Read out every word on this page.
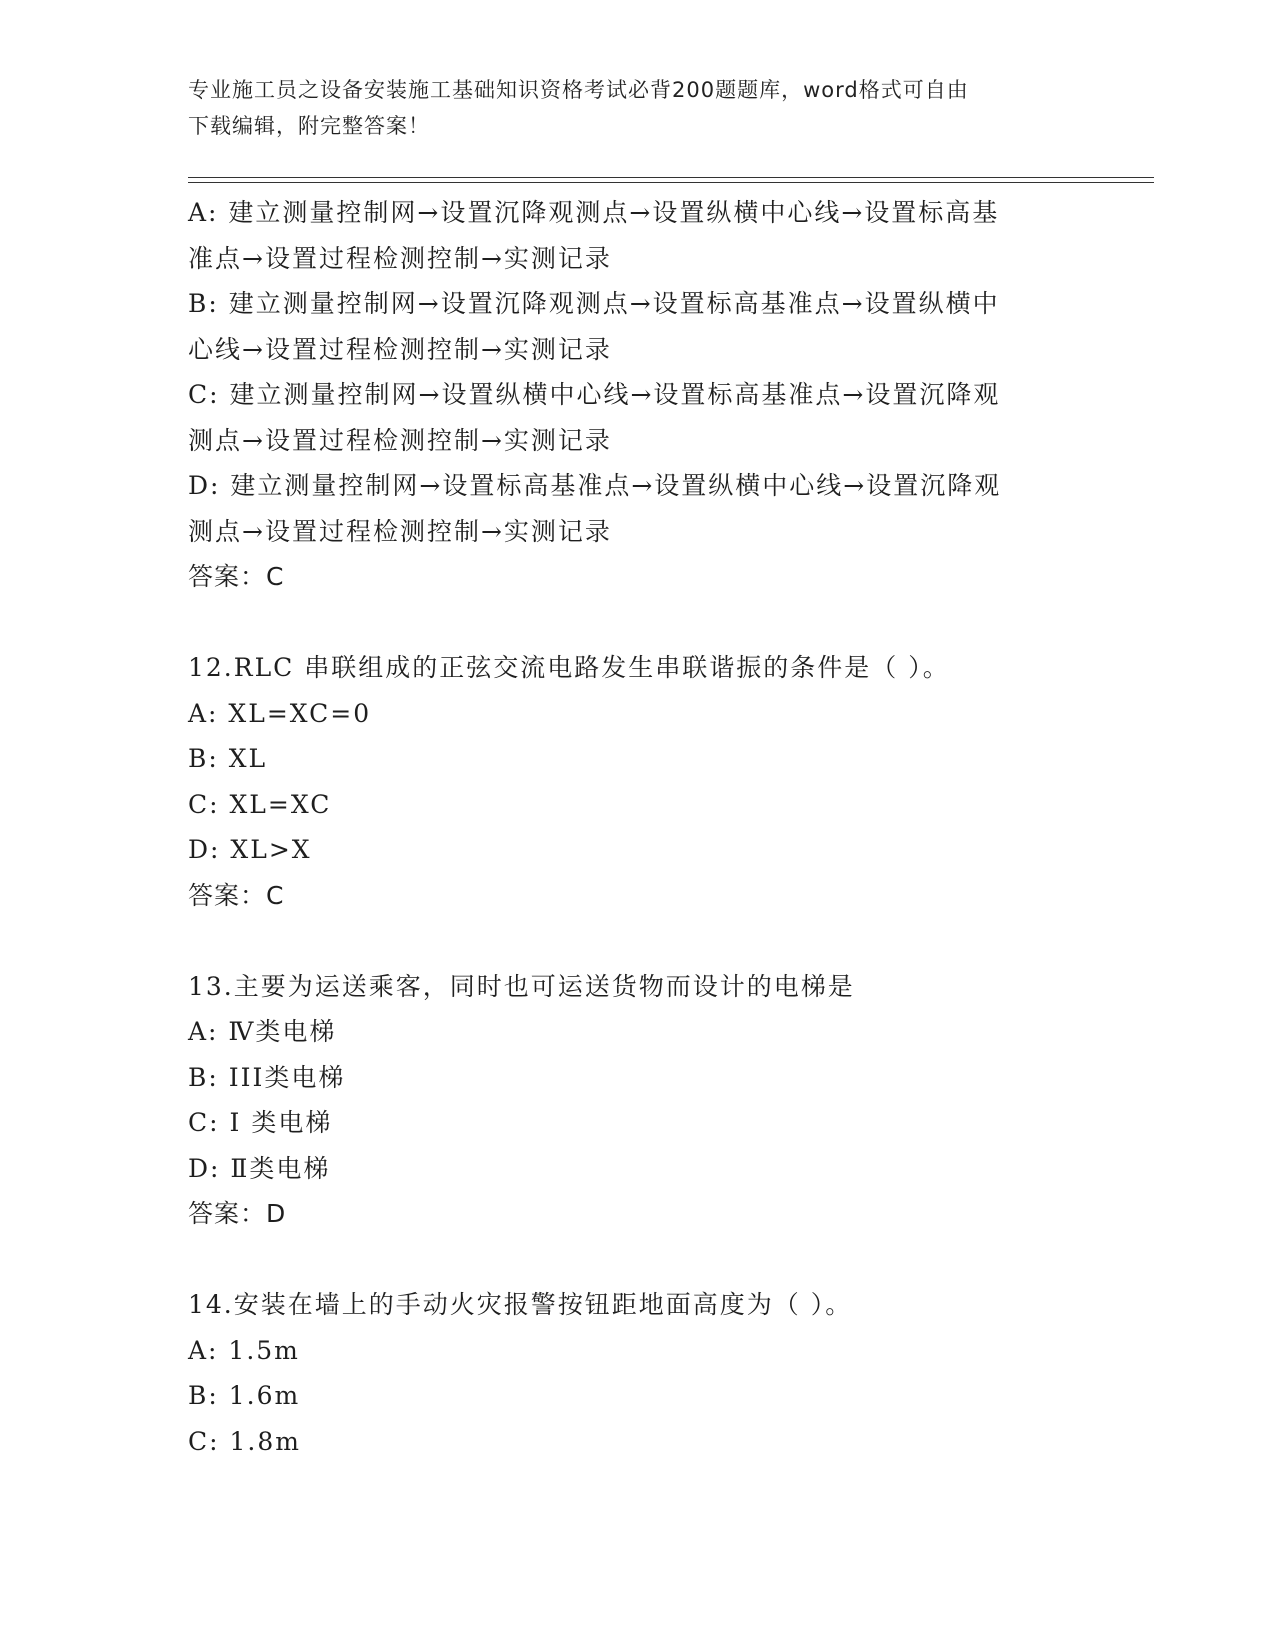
专业施工员之设备安装施工基础知识资格考试必背200题题库，word格式可自由
下载编辑，附完整答案！
A: 建立测量控制网→设置沉降观测点→设置纵横中心线→设置标高基
准点→设置过程检测控制→实测记录
B: 建立测量控制网→设置沉降观测点→设置标高基准点→设置纵横中
心线→设置过程检测控制→实测记录
C: 建立测量控制网→设置纵横中心线→设置标高基准点→设置沉降观
测点→设置过程检测控制→实测记录
D: 建立测量控制网→设置标高基准点→设置纵横中心线→设置沉降观
测点→设置过程检测控制→实测记录
答案：C
12.RLC 串联组成的正弦交流电路发生串联谐振的条件是（ ）。
A: XL=XC=0
B: XL
C: XL=XC
D: XL>X
答案：C
13.主要为运送乘客，同时也可运送货物而设计的电梯是
A: Ⅳ类电梯
B: III类电梯
C: I 类电梯
D: Ⅱ类电梯
答案：D
14.安装在墙上的手动火灾报警按钮距地面高度为（ ）。
A: 1.5m
B: 1.6m
C: 1.8m
